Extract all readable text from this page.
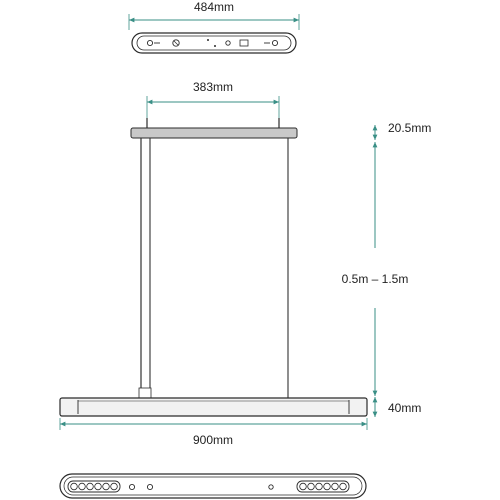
484mm
383mm
20.5mm
0.5m – 1.5m
40mm
900mm
